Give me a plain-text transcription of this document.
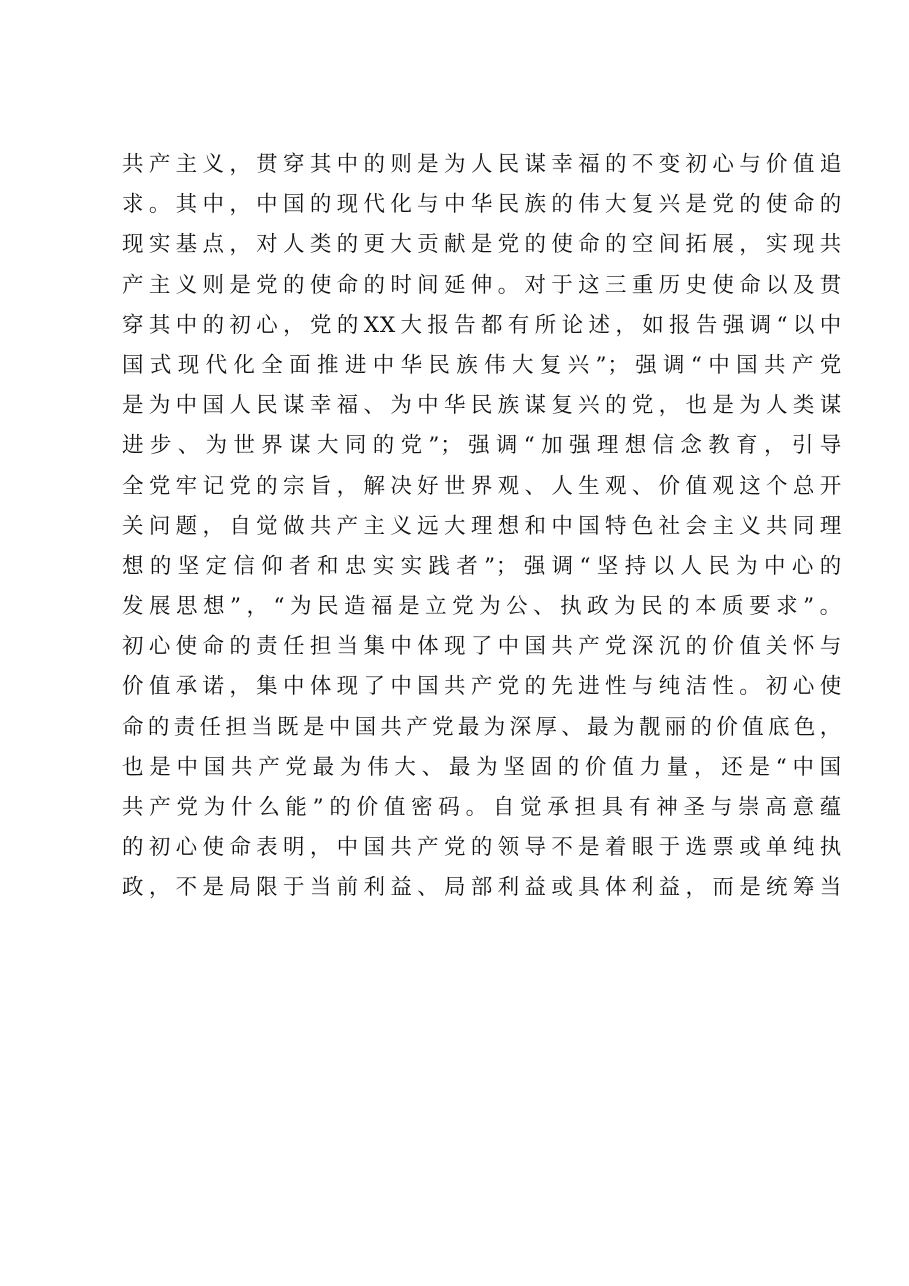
共产主义，贯穿其中的则是为人民谋幸福的不变初心与价值追
求。其中，中国的现代化与中华民族的伟大复兴是党的使命的
现实基点，对人类的更大贡献是党的使命的空间拓展，实现共
产主义则是党的使命的时间延伸。对于这三重历史使命以及贯
穿其中的初心，党的XX大报告都有所论述，如报告强调“以中
国式现代化全面推进中华民族伟大复兴”；强调“中国共产党
是为中国人民谋幸福、为中华民族谋复兴的党，也是为人类谋
进步、为世界谋大同的党”；强调“加强理想信念教育，引导
全党牢记党的宗旨，解决好世界观、人生观、价值观这个总开
关问题，自觉做共产主义远大理想和中国特色社会主义共同理
想的坚定信仰者和忠实实践者”；强调“坚持以人民为中心的
发展思想”，“为民造福是立党为公、执政为民的本质要求”。
初心使命的责任担当集中体现了中国共产党深沉的价值关怀与
价值承诺，集中体现了中国共产党的先进性与纯洁性。初心使
命的责任担当既是中国共产党最为深厚、最为靓丽的价值底色，
也是中国共产党最为伟大、最为坚固的价值力量，还是“中国
共产党为什么能”的价值密码。自觉承担具有神圣与崇高意蕴
的初心使命表明，中国共产党的领导不是着眼于选票或单纯执
政，不是局限于当前利益、局部利益或具体利益，而是统筹当
